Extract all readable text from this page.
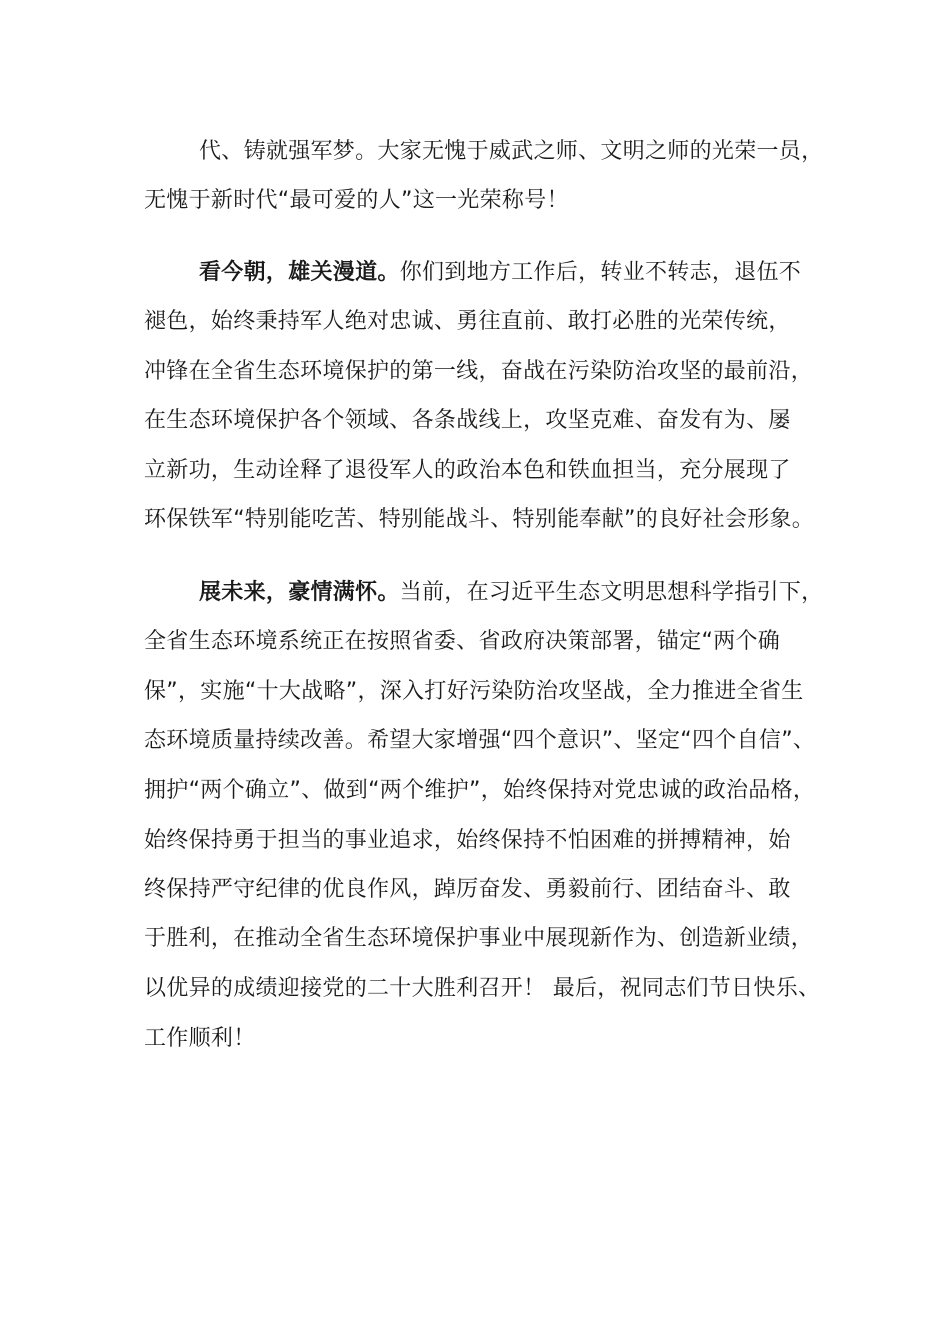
代、铸就强军梦。大家无愧于威武之师、文明之师的光荣一员，
无愧于新时代“最可爱的人”这一光荣称号！
看今朝，雄关漫道。你们到地方工作后，转业不转志，退伍不
褪色，始终秉持军人绝对忠诚、勇往直前、敢打必胜的光荣传统，
冲锋在全省生态环境保护的第一线，奋战在污染防治攻坚的最前沿，
在生态环境保护各个领域、各条战线上，攻坚克难、奋发有为、屡
立新功，生动诠释了退役军人的政治本色和铁血担当，充分展现了
环保铁军“特别能吃苦、特别能战斗、特别能奉献”的良好社会形象。
展未来，豪情满怀。当前，在习近平生态文明思想科学指引下，
全省生态环境系统正在按照省委、省政府决策部署，锚定“两个确
保”，实施“十大战略”，深入打好污染防治攻坚战，全力推进全省生
态环境质量持续改善。希望大家增强“四个意识”、坚定“四个自信”、
拥护“两个确立”、做到“两个维护”，始终保持对党忠诚的政治品格，
始终保持勇于担当的事业追求，始终保持不怕困难的拼搏精神，始
终保持严守纪律的优良作风，踔厉奋发、勇毅前行、团结奋斗、敢
于胜利，在推动全省生态环境保护事业中展现新作为、创造新业绩，
以优异的成绩迎接党的二十大胜利召开！ 最后，祝同志们节日快乐、
工作顺利！
